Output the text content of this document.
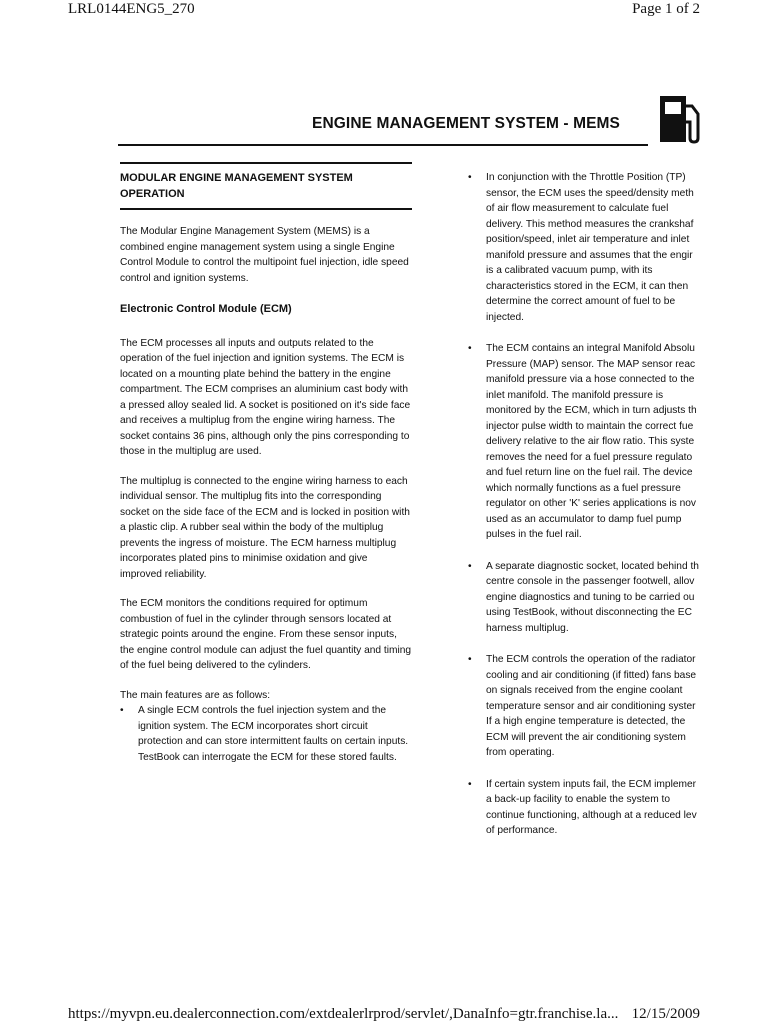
LRL0144ENG5_270	Page 1 of 2
ENGINE MANAGEMENT SYSTEM - MEMS
MODULAR ENGINE MANAGEMENT SYSTEM OPERATION

The Modular Engine Management System (MEMS) is a combined engine management system using a single Engine Control Module to control the multipoint fuel injection, idle speed control and ignition systems.

Electronic Control Module (ECM)

The ECM processes all inputs and outputs related to the operation of the fuel injection and ignition systems. The ECM is located on a mounting plate behind the battery in the engine compartment. The ECM comprises an aluminium cast body with a pressed alloy sealed lid. A socket is positioned on it's side face and receives a multiplug from the engine wiring harness. The socket contains 36 pins, although only the pins corresponding to those in the multiplug are used.

The multiplug is connected to the engine wiring harness to each individual sensor. The multiplug fits into the corresponding socket on the side face of the ECM and is locked in position with a plastic clip. A rubber seal within the body of the multiplug prevents the ingress of moisture. The ECM harness multiplug incorporates plated pins to minimise oxidation and give improved reliability.

The ECM monitors the conditions required for optimum combustion of fuel in the cylinder through sensors located at strategic points around the engine. From these sensor inputs, the engine control module can adjust the fuel quantity and timing of the fuel being delivered to the cylinders.

The main features are as follows:

• A single ECM controls the fuel injection system and the ignition system. The ECM incorporates short circuit protection and can store intermittent faults on certain inputs. TestBook can interrogate the ECM for these stored faults.
• In conjunction with the Throttle Position (TP)
sensor, the ECM uses the speed/density meth
of air flow measurement to calculate fuel
delivery. This method measures the crankshaf
position/speed, inlet air temperature and inlet
manifold pressure and assumes that the engir
is a calibrated vacuum pump, with its
characteristics stored in the ECM, it can then
determine the correct amount of fuel to be
injected.
• The ECM contains an integral Manifold Absolu
Pressure (MAP) sensor. The MAP sensor reac
manifold pressure via a hose connected to the
inlet manifold. The manifold pressure is
monitored by the ECM, which in turn adjusts th
injector pulse width to maintain the correct fue
delivery relative to the air flow ratio. This syste
removes the need for a fuel pressure regulato
and fuel return line on the fuel rail. The device
which normally functions as a fuel pressure
regulator on other 'K' series applications is nov
used as an accumulator to damp fuel pump
pulses in the fuel rail.
• A separate diagnostic socket, located behind th
centre console in the passenger footwell, allov
engine diagnostics and tuning to be carried ou
using TestBook, without disconnecting the EC
harness multiplug.
• The ECM controls the operation of the radiator
cooling and air conditioning (if fitted) fans base
on signals received from the engine coolant
temperature sensor and air conditioning syster
If a high engine temperature is detected, the
ECM will prevent the air conditioning system
from operating.
• If certain system inputs fail, the ECM implemer
a back-up facility to enable the system to
continue functioning, although at a reduced lev
of performance.
https://myvpn.eu.dealerconnection.com/extdealerlrprod/servlet/,DanaInfo=gtr.franchise.la... 12/15/2009
